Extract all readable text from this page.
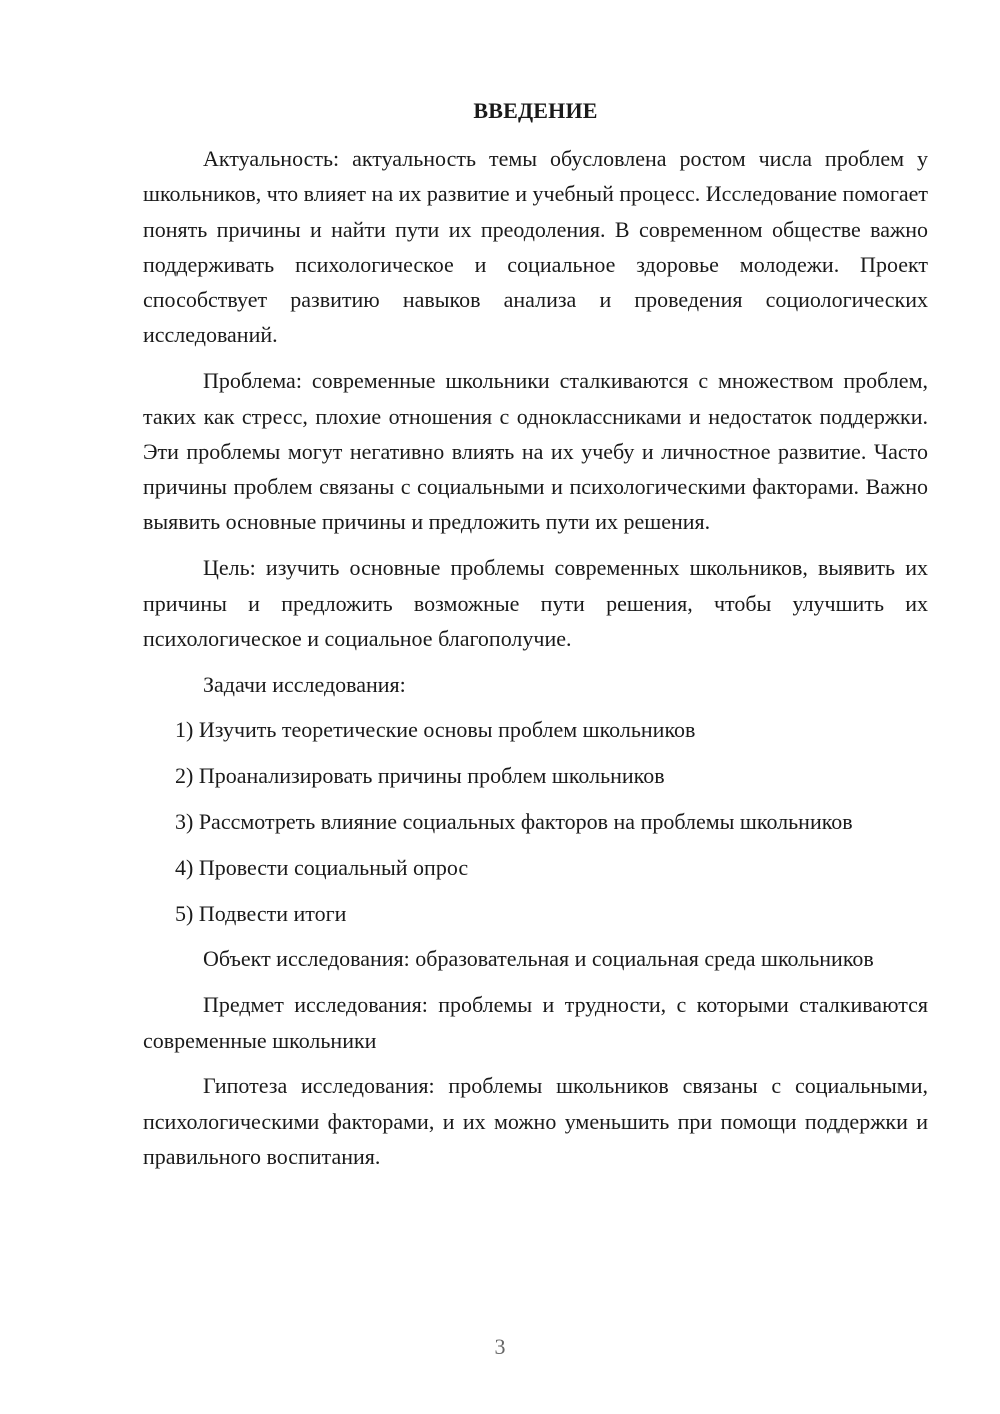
ВВЕДЕНИЕ

Актуальность: актуальность темы обусловлена ростом числа проблем у школьников, что влияет на их развитие и учебный процесс. Исследование помогает понять причины и найти пути их преодоления. В современном обществе важно поддерживать психологическое и социальное здоровье молодежи. Проект способствует развитию навыков анализа и проведения социологических исследований.

Проблема: современные школьники сталкиваются с множеством проблем, таких как стресс, плохие отношения с одноклассниками и недостаток поддержки. Эти проблемы могут негативно влиять на их учебу и личностное развитие. Часто причины проблем связаны с социальными и психологическими факторами. Важно выявить основные причины и предложить пути их решения.

Цель: изучить основные проблемы современных школьников, выявить их причины и предложить возможные пути решения, чтобы улучшить их психологическое и социальное благополучие.

Задачи исследования:

1) Изучить теоретические основы проблем школьников

2) Проанализировать причины проблем школьников

3) Рассмотреть влияние социальных факторов на проблемы школьников

4) Провести социальный опрос

5) Подвести итоги

Объект исследования: образовательная и социальная среда школьников

Предмет исследования: проблемы и трудности, с которыми сталкиваются современные школьники

Гипотеза исследования: проблемы школьников связаны с социальными, психологическими факторами, и их можно уменьшить при помощи поддержки и правильного воспитания.

3
